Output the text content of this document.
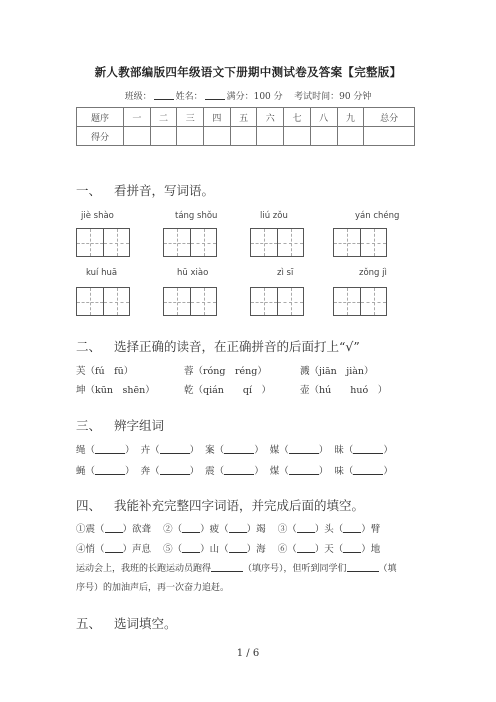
新人教部编版四年级语文下册期中测试卷及答案【完整版】
班级：	姓名：	满分：100 分 考试时间：90 分钟
题序	一	二	三	四	五	六	七	八	九	总分
得分										
一、 看拼音，写词语。
jiè shào	táng shǒu	liú zǒu	yán chéng
kuí huā	hū xiào	zì sī	zǒng jì
二、 选择正确的读音，在正确拼音的后面打上“√”
芙（fú　fū）	蓉（róng　réng）	溅（jiān　jiàn）
坤（kūn　shēn）	乾（qián　　qí　）	壶（hú　　huó　）
三、 辨字组词
绳（	）  卉（	）  案（	）  媒（	）  昧（	）
蝇（	）  奔（	）  震（	）  煤（	）  味（	）
四、 我能补充完整四字词语，并完成后面的填空。
①震（ ）欲聋 ②（ ）疲（ ）竭 ③（ ）头（ ）臂
④悄（ ）声息 ⑤（ ）山（ ）海 ⑥（ ）天（ ）地
运动会上，我班的长跑运动员跑得	（填序号），但听到同学们	（填
序号）的加油声后，再一次奋力追赶。
五、 选词填空。
1 / 6
